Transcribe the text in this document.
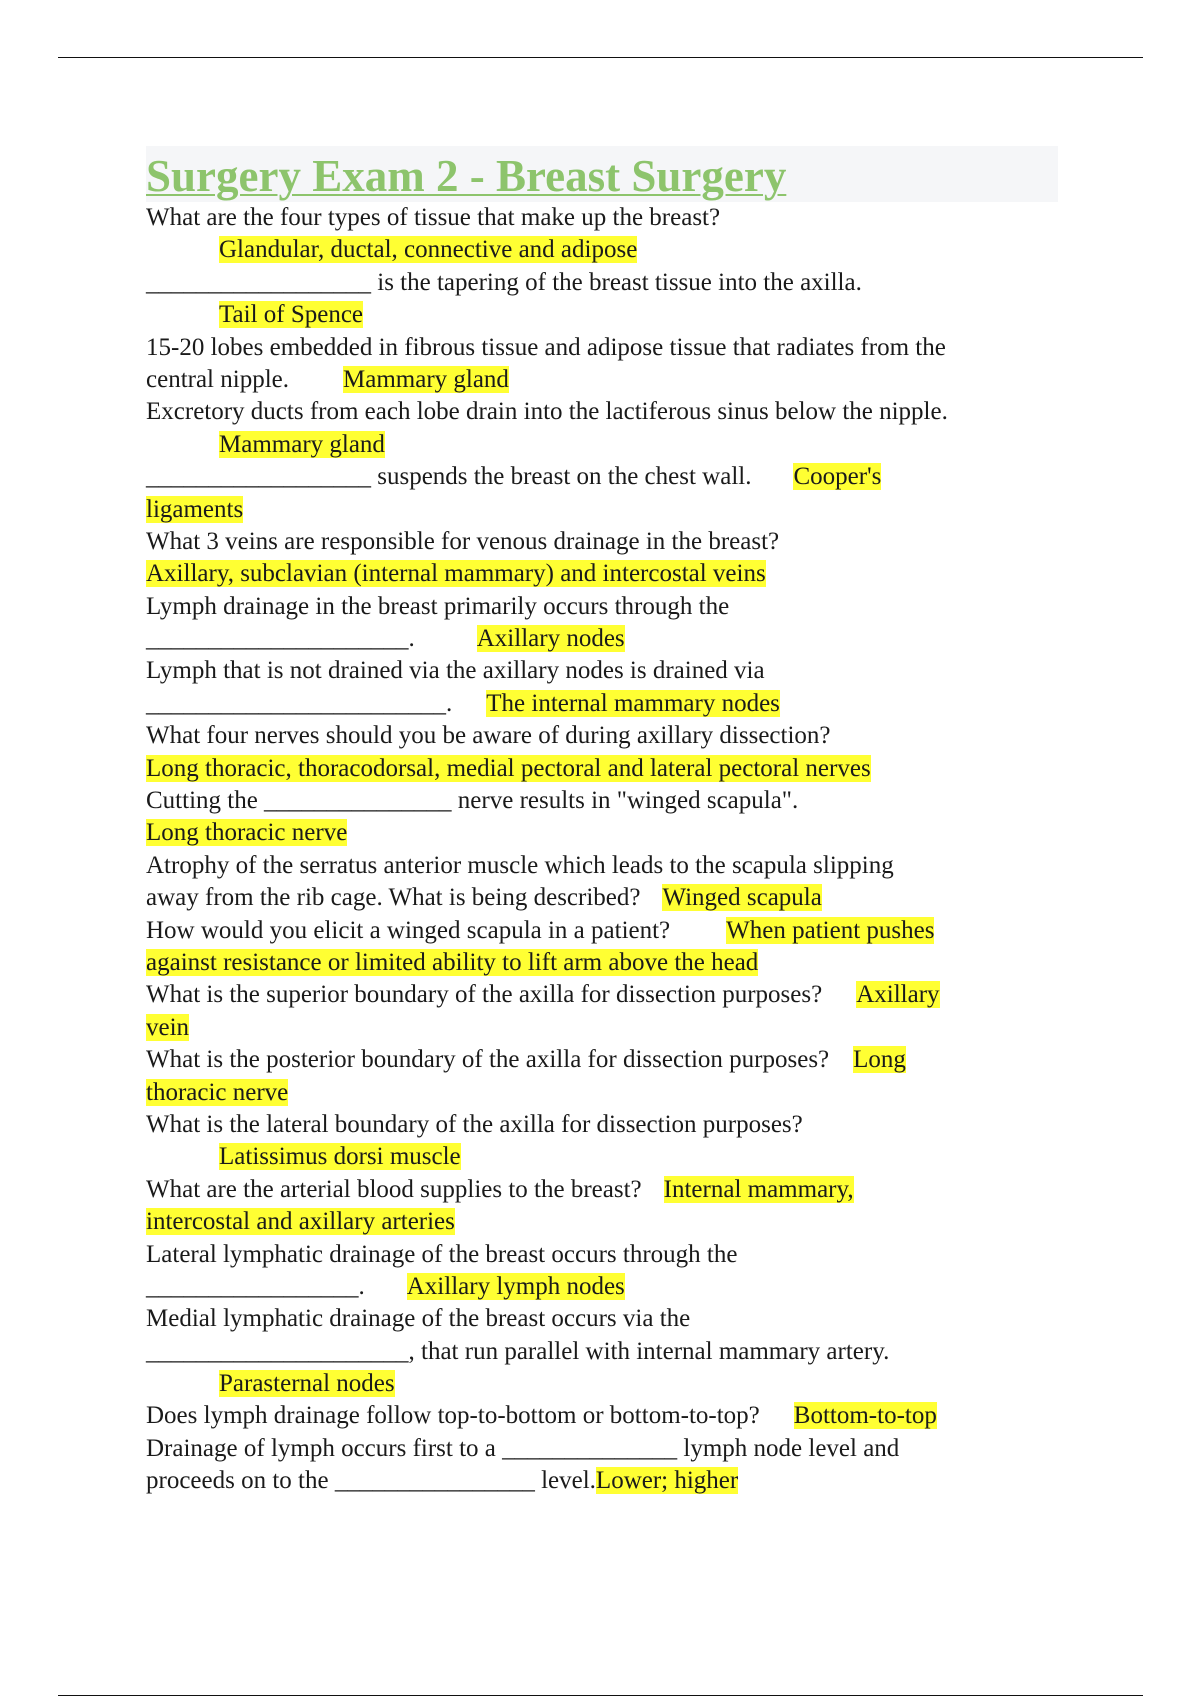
Surgery Exam 2 - Breast Surgery
What are the four types of tissue that make up the breast?
Glandular, ductal, connective and adipose
__________________ is the tapering of the breast tissue into the axilla.
Tail of Spence
15-20 lobes embedded in fibrous tissue and adipose tissue that radiates from the
central nipple. Mammary gland
Excretory ducts from each lobe drain into the lactiferous sinus below the nipple.
Mammary gland
__________________ suspends the breast on the chest wall. Cooper's
ligaments
What 3 veins are responsible for venous drainage in the breast?
Axillary, subclavian (internal mammary) and intercostal veins
Lymph drainage in the breast primarily occurs through the
_____________________. Axillary nodes
Lymph that is not drained via the axillary nodes is drained via
________________________. The internal mammary nodes
What four nerves should you be aware of during axillary dissection?
Long thoracic, thoracodorsal, medial pectoral and lateral pectoral nerves
Cutting the _______________ nerve results in "winged scapula".
Long thoracic nerve
Atrophy of the serratus anterior muscle which leads to the scapula slipping
away from the rib cage. What is being described? Winged scapula
How would you elicit a winged scapula in a patient? When patient pushes
against resistance or limited ability to lift arm above the head
What is the superior boundary of the axilla for dissection purposes? Axillary
vein
What is the posterior boundary of the axilla for dissection purposes? Long
thoracic nerve
What is the lateral boundary of the axilla for dissection purposes?
Latissimus dorsi muscle
What are the arterial blood supplies to the breast? Internal mammary,
intercostal and axillary arteries
Lateral lymphatic drainage of the breast occurs through the
_________________. Axillary lymph nodes
Medial lymphatic drainage of the breast occurs via the
_____________________, that run parallel with internal mammary artery.
Parasternal nodes
Does lymph drainage follow top-to-bottom or bottom-to-top? Bottom-to-top
Drainage of lymph occurs first to a ______________ lymph node level and
proceeds on to the ________________ level.Lower; higher
